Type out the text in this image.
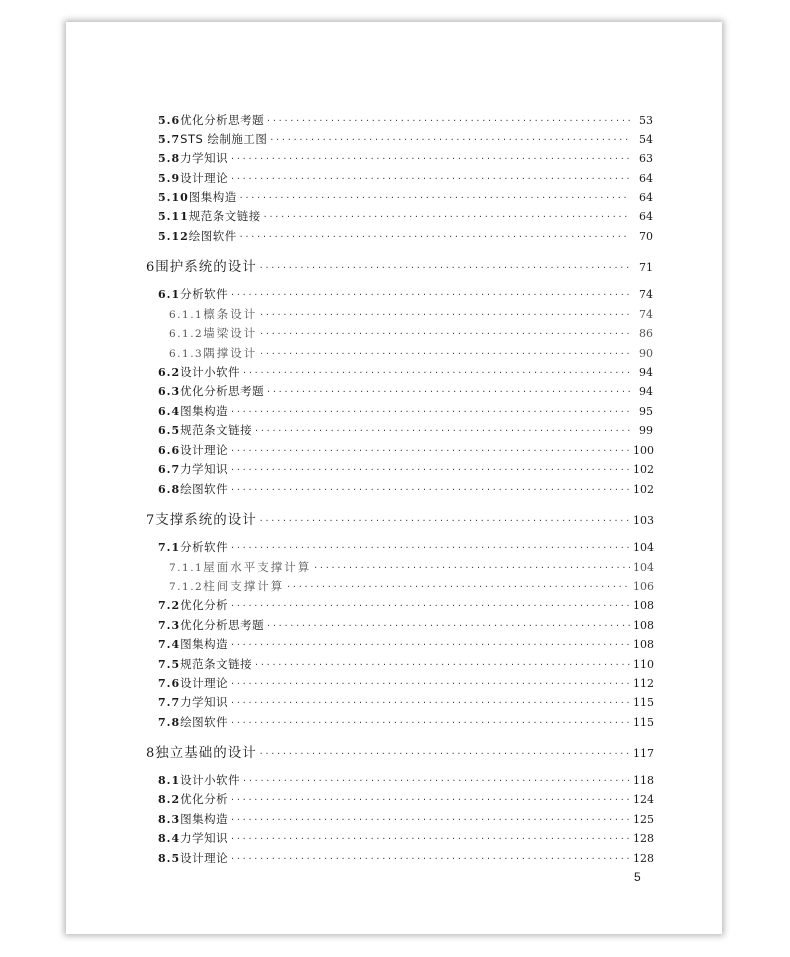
5.6 优化分析思考题 ·····	53
5.7 STS 绘制施工图 ·····	54
5.8 力学知识 ·····	63
5.9 设计理论 ·····	64
5.10 图集构造 ·····	64
5.11 规范条文链接 ·····	64
5.12 绘图软件 ·····	70
6 围护系统的设计 ·····	71
6.1 分析软件 ·····	74
6.1.1 檩条设计 ·····	74
6.1.2 墙梁设计 ·····	86
6.1.3 隅撑设计 ·····	90
6.2 设计小软件 ·····	94
6.3 优化分析思考题 ·····	94
6.4 图集构造 ·····	95
6.5 规范条文链接 ·····	99
6.6 设计理论 ·····	100
6.7 力学知识 ·····	102
6.8 绘图软件 ·····	102
7 支撑系统的设计 ·····	103
7.1 分析软件 ·····	104
7.1.1 屋面水平支撑计算 ·····	104
7.1.2 柱间支撑计算 ·····	106
7.2 优化分析 ·····	108
7.3 优化分析思考题 ·····	108
7.4 图集构造 ·····	108
7.5 规范条文链接 ·····	110
7.6 设计理论 ·····	112
7.7 力学知识 ·····	115
7.8 绘图软件 ·····	115
8 独立基础的设计 ·····	117
8.1 设计小软件 ·····	118
8.2 优化分析 ·····	124
8.3 图集构造 ·····	125
8.4 力学知识 ·····	128
8.5 设计理论 ·····	128
5
